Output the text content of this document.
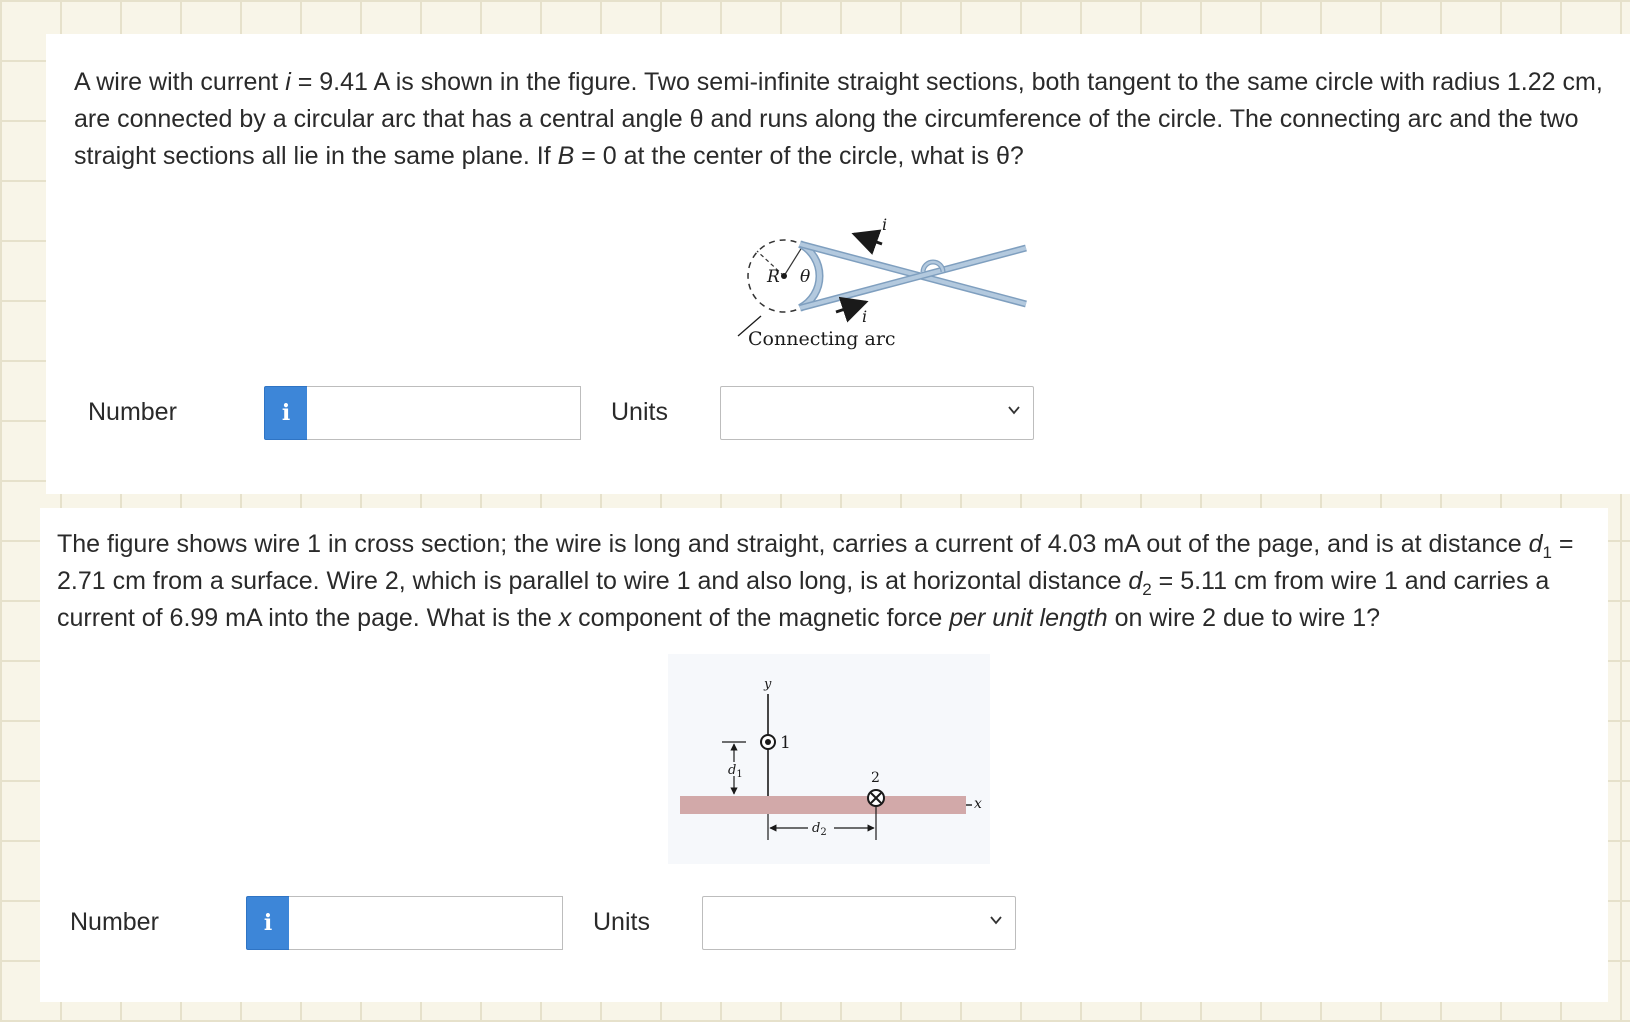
A wire with current i = 9.41 A is shown in the figure. Two semi-infinite straight sections, both tangent to the same circle with radius 1.22 cm, are connected by a circular arc that has a central angle θ and runs along the circumference of the circle. The connecting arc and the two straight sections all lie in the same plane. If B = 0 at the center of the circle, what is θ?

R θ
i
i
Connecting arc
Number	i	Units

The figure shows wire 1 in cross section; the wire is long and straight, carries a current of 4.03 mA out of the page, and is at distance $d_1 = 2.71$ cm from a surface. Wire 2, which is parallel to wire 1 and also long, is at horizontal distance $d_2 = 5.11$ cm from wire 1 and carries a current of 6.99 mA into the page. What is the x component of the magnetic force per unit length on wire 2 due to wire 1?

y
x
1
$d_1$	2
$d_2$
Number	i	Units
